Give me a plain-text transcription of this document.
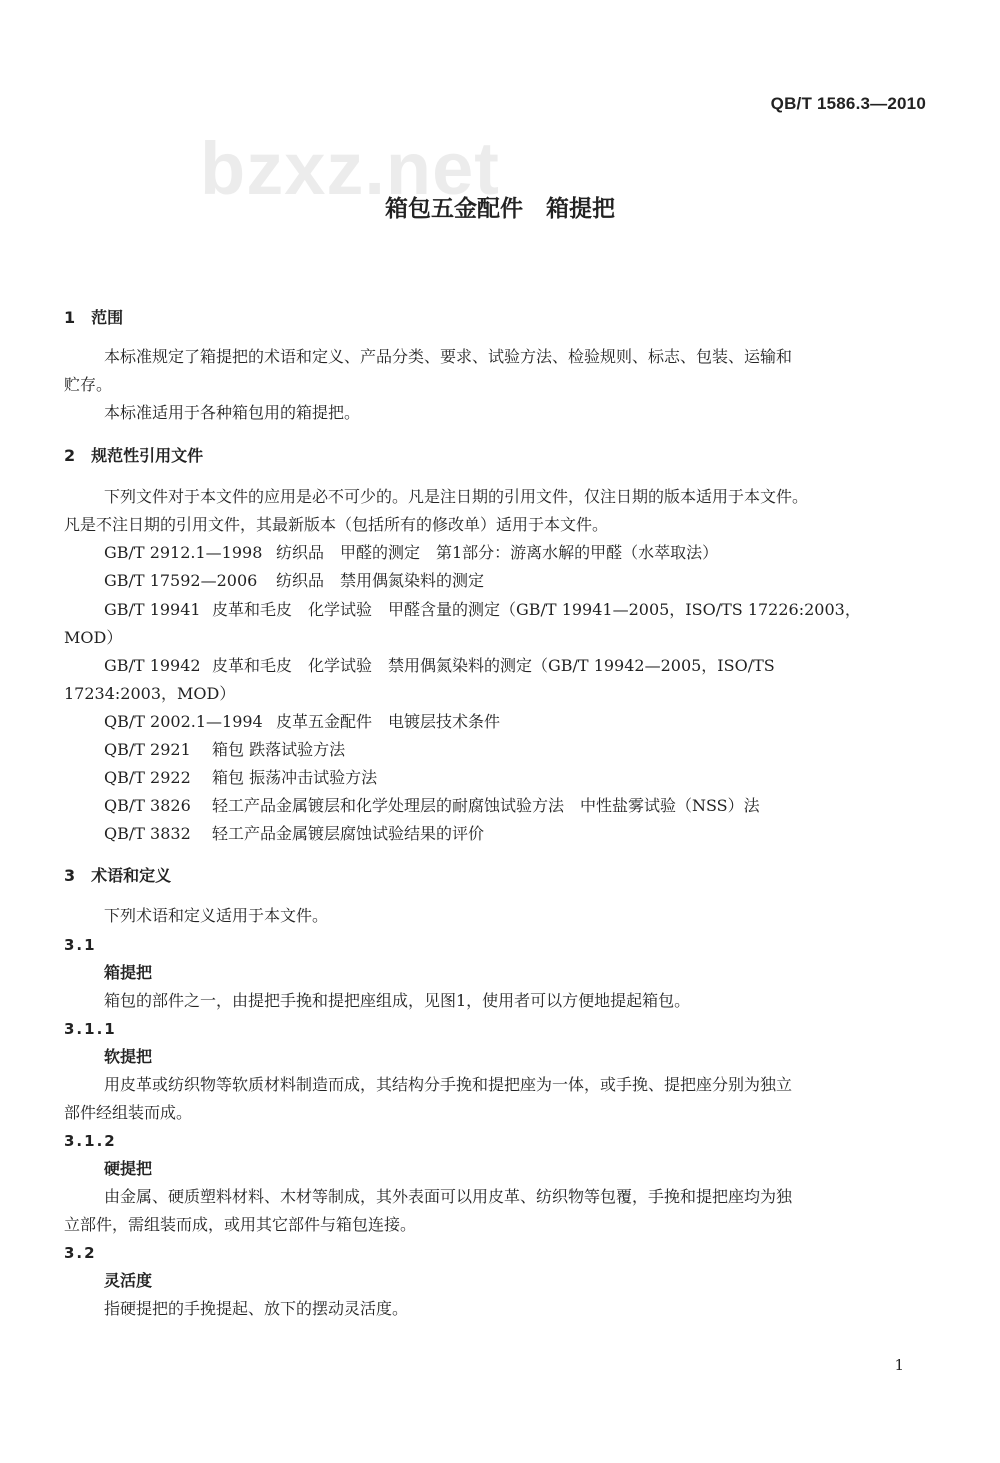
QB/T 1586.3—2010
bzxz.net
箱包五金配件　箱提把
1　范围
本标准规定了箱提把的术语和定义、产品分类、要求、试验方法、检验规则、标志、包装、运输和
贮存。
本标准适用于各种箱包用的箱提把。
2　规范性引用文件
下列文件对于本文件的应用是必不可少的。凡是注日期的引用文件，仅注日期的版本适用于本文件。
凡是不注日期的引用文件，其最新版本（包括所有的修改单）适用于本文件。
GB/T 2912.1—1998 纺织品　甲醛的测定　第1部分：游离水解的甲醛（水萃取法）
GB/T 17592—2006 纺织品　禁用偶氮染料的测定
GB/T 19941 皮革和毛皮　化学试验　甲醛含量的测定（GB/T 19941—2005，ISO/TS 17226:2003，
MOD）
GB/T 19942 皮革和毛皮　化学试验　禁用偶氮染料的测定（GB/T 19942—2005，ISO/TS
17234:2003，MOD）
QB/T 2002.1—1994 皮革五金配件　电镀层技术条件
QB/T 2921 箱包 跌落试验方法
QB/T 2922 箱包 振荡冲击试验方法
QB/T 3826 轻工产品金属镀层和化学处理层的耐腐蚀试验方法　中性盐雾试验（NSS）法
QB/T 3832 轻工产品金属镀层腐蚀试验结果的评价
3　术语和定义
下列术语和定义适用于本文件。
3.1
箱提把
箱包的部件之一，由提把手挽和提把座组成，见图1，使用者可以方便地提起箱包。
3.1.1
软提把
用皮革或纺织物等软质材料制造而成，其结构分手挽和提把座为一体，或手挽、提把座分别为独立
部件经组装而成。
3.1.2
硬提把
由金属、硬质塑料材料、木材等制成，其外表面可以用皮革、纺织物等包覆，手挽和提把座均为独
立部件，需组装而成，或用其它部件与箱包连接。
3.2
灵活度
指硬提把的手挽提起、放下的摆动灵活度。
1
